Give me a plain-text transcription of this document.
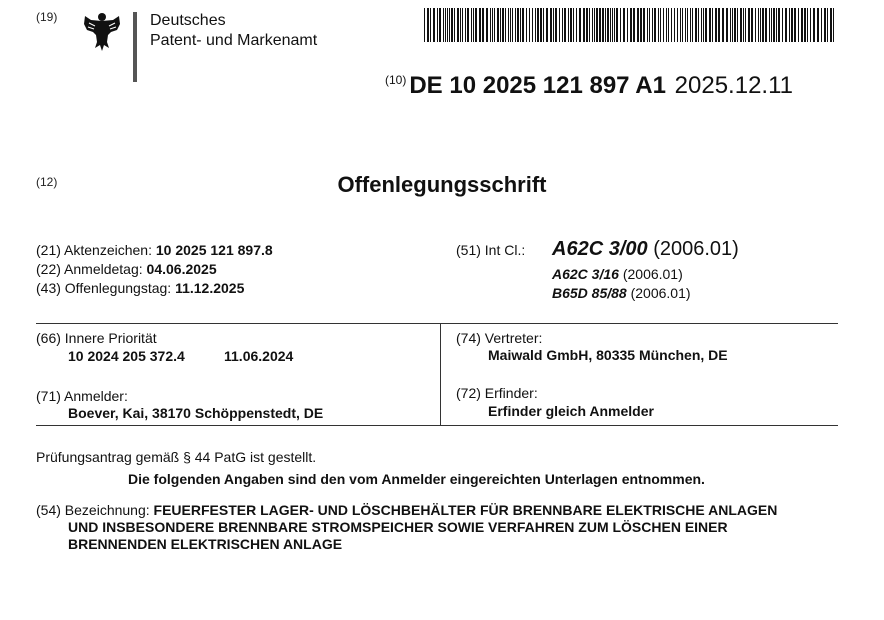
(19)	Deutsches
Patent- und Markenamt
$^{(10)}$ DE 10 2025 121 897 A1 2025.12.11
(12)	Offenlegungsschrift
(21) Aktenzeichen: 10 2025 121 897.8
(22) Anmeldetag: 04.06.2025
(43) Offenlegungstag: 11.12.2025
(51) Int Cl.: A62C 3/00 (2006.01)
A62C 3/16 (2006.01)
B65D 85/88 (2006.01)
(66) Innere Priorität
10 2024 205 372.4	11.06.2024
(74) Vertreter:
Maiwald GmbH, 80335 München, DE
(71) Anmelder:
Boever, Kai, 38170 Schöppenstedt, DE
(72) Erfinder:
Erfinder gleich Anmelder
Prüfungsantrag gemäß § 44 PatG ist gestellt.
Die folgenden Angaben sind den vom Anmelder eingereichten Unterlagen entnommen.
(54) Bezeichnung: FEUERFESTER LAGER- UND LÖSCHBEHÄLTER FÜR BRENNBARE ELEKTRISCHE ANLAGEN
UND INSBESONDERE BRENNBARE STROMSPEICHER SOWIE VERFAHREN ZUM LÖSCHEN EINER
BRENNENDEN ELEKTRISCHEN ANLAGE
